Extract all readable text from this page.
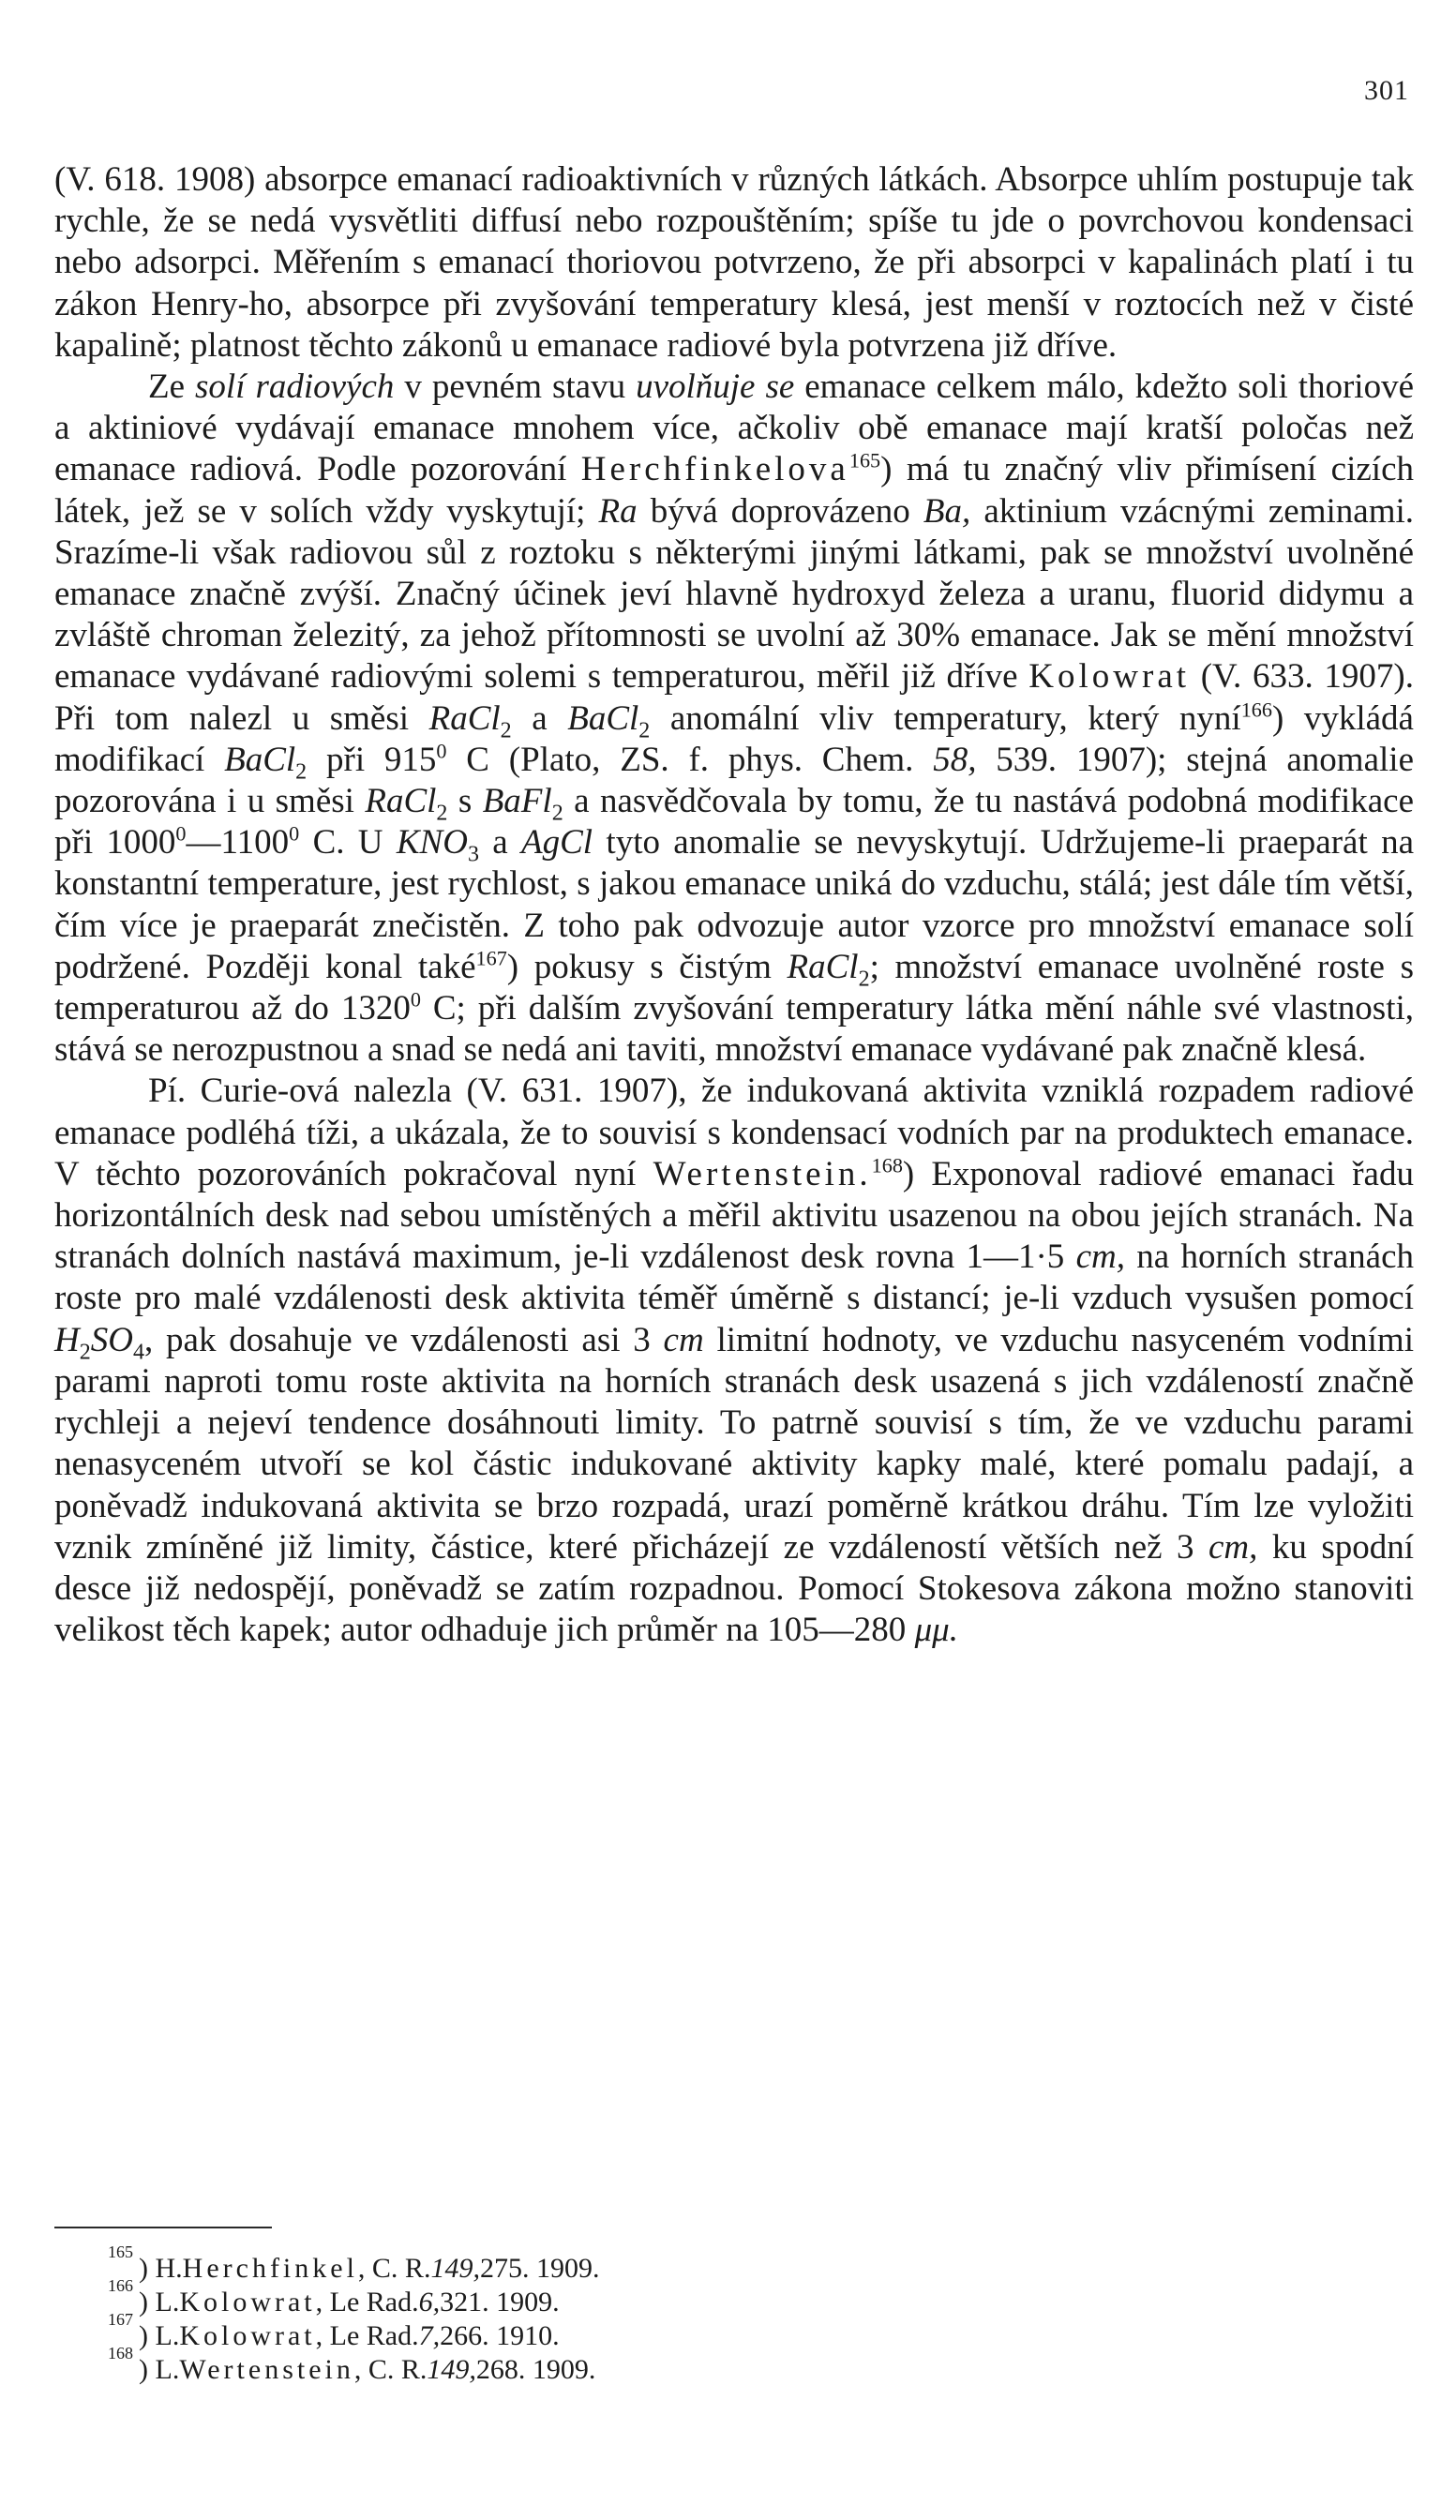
301

(V. 618. 1908) absorpce emanací radioaktivních v různých látkách. Absorpce uhlím postupuje tak rychle, že se nedá vysvětliti diffusí nebo rozpouštěním; spíše tu jde o povrchovou kondensaci nebo adsorpci. Měřením s emanací thoriovou potvrzeno, že při absorpci v kapalinách platí i tu zákon Henry-ho, absorpce při zvyšování temperatury klesá, jest menší v roztocích než v čisté kapalině; platnost těchto zákonů u emanace radiové byla potvrzena již dříve.

Ze solí radiových v pevném stavu uvolňuje se emanace celkem málo, kdežto soli thoriové a aktiniové vydávají emanace mnohem více, ačkoliv obě emanace mají kratší poločas než emanace radiová. Podle pozorování Herchfinkelova$^{165}$) má tu značný vliv přimísení cizích látek, jež se v solích vždy vyskytují; Ra bývá doprovázeno Ba, aktinium vzácnými zeminami. Srazíme-li však radiovou sůl z roztoku s některými jinými látkami, pak se množství uvolněné emanace značně zvýší. Značný účinek jeví hlavně hydroxyd železa a uranu, fluorid didymu a zvláště chroman železitý, za jehož přítomnosti se uvolní až 30% emanace. Jak se mění množství emanace vydávané radiovými solemi s temperaturou, měřil již dříve Kolowrat (V. 633. 1907). Při tom nalezl u směsi RaCl$_2$ a BaCl$_2$ anomální vliv temperatury, který nyní$^{166}$) vykládá modifikací BaCl$_2$ při $915^0$ C (Plato, ZS. f. phys. Chem. 58, 539. 1907); stejná anomalie pozorována i u směsi RaCl$_2$ s BaFl$_2$ a nasvědčovala by tomu, že tu nastává podobná modifikace při 1000$^0$—1100$^0$ C. U $KNO_3$ a AgCl tyto anomalie se nevyskytují. Udržujeme-li praeparát na konstantní temperature, jest rychlost, s jakou emanace uniká do vzduchu, stálá; jest dále tím větší, čím více je praeparát znečistěn. Z toho pak odvozuje autor vzorce pro množství emanace solí podržené. Později konal také$^{167}$) pokusy s čistým RaCl$_2$; množství emanace uvolněné roste s temperaturou až do 1320$^0$ C; při dalším zvyšování temperatury látka mění náhle své vlastnosti, stává se nerozpustnou a snad se nedá ani taviti, množství emanace vydávané pak značně klesá.

Pí. Curie-ová nalezla (V. 631. 1907), že indukovaná aktivita vzniklá rozpadem radiové emanace podléhá tíži, a ukázala, že to souvisí s kondensací vodních par na produktech emanace. V těchto pozorováních pokračoval nyní Wertenstein.$^{168}$) Exponoval radiové emanaci řadu horizontálních desk nad sebou umístěných a měřil aktivitu usazenou na obou jejích stranách. Na stranách dolních nastává maximum, je-li vzdálenost desk rovna 1—1·5 cm, na horních stranách roste pro malé vzdálenosti desk aktivita téměř úměrně s distancí; je-li vzduch vysušen pomocí $H_2SO_4$, pak dosahuje ve vzdálenosti asi 3 cm limitní hodnoty, ve vzduchu nasyceném vodními parami naproti tomu roste aktivita na horních stranách desk usazená s jich vzdáleností značně rychleji a nejeví tendence dosáhnouti limity. To patrně souvisí s tím, že ve vzduchu parami nenasyceném utvoří se kol částic indukované aktivity kapky malé, které pomalu padají, a poněvadž indukovaná aktivita se brzo rozpadá, urazí poměrně krátkou dráhu. Tím lze vyložiti vznik zmíněné již limity, částice, které přicházejí ze vzdáleností větších než 3 cm, ku spodní desce již nedospějí, poněvadž se zatím rozpadnou. Pomocí Stokesova zákona možno stanoviti velikost těch kapek; autor odhaduje jich průměr na 105—280 μμ.

165
) H. Herchfinkel , C. R. 149, 275. 1909.
166
) L. Kolowrat , Le Rad. 6, 321. 1909.
167
) L. Kolowrat , Le Rad. 7, 266. 1910.
168
) L. Wertenstein , C. R. 149, 268. 1909.
